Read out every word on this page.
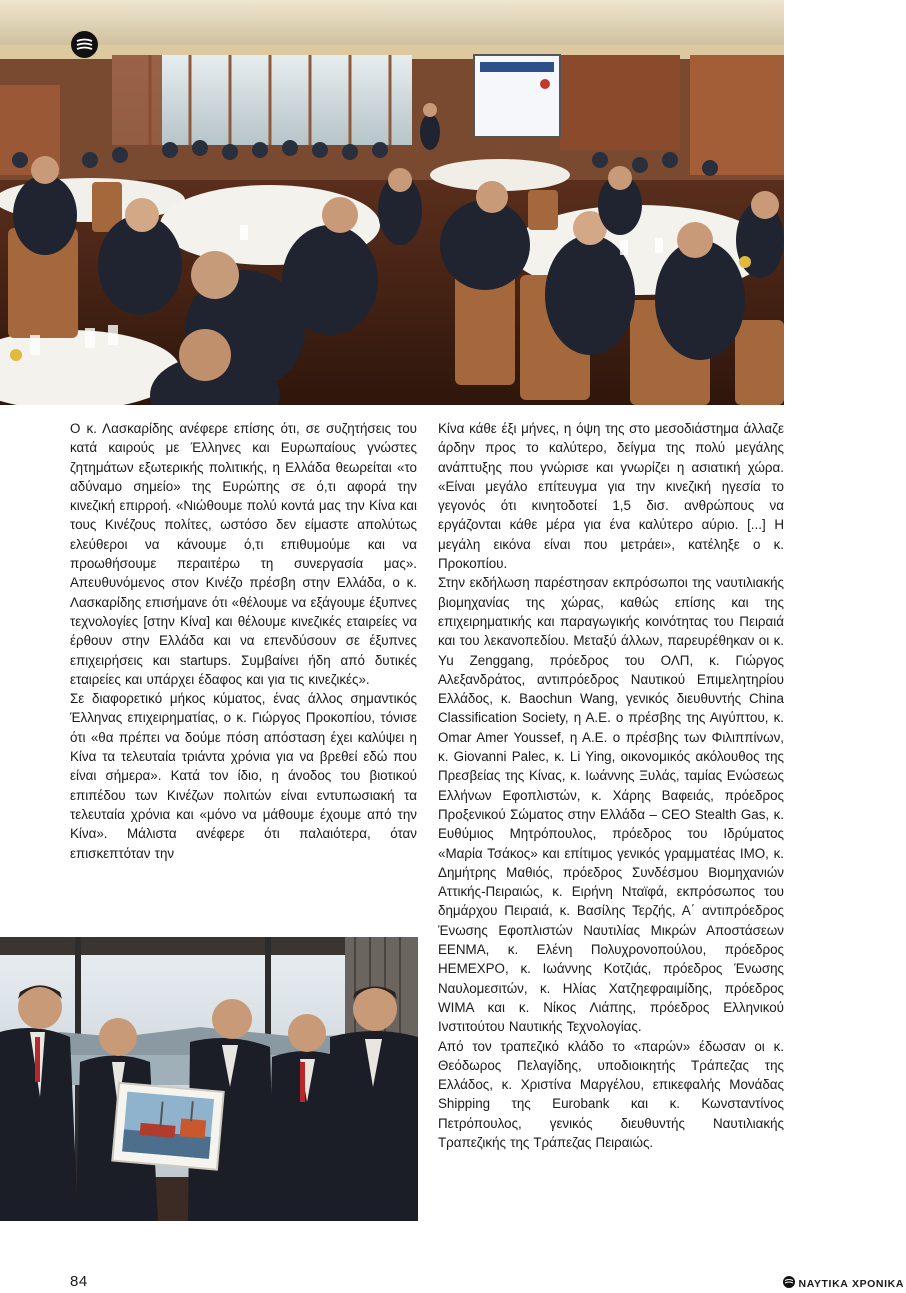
Ο κ. Λασκαρίδης ανέφερε επίσης ότι, σε συζητήσεις του κατά καιρούς με Έλληνες και Ευρωπαίους γνώστες ζητημάτων εξωτερικής πολιτικής, η Ελλάδα θεωρείται «το αδύναμο σημείο» της Ευρώπης σε ό,τι αφορά την κινεζική επιρροή. «Νιώθουμε πολύ κοντά μας την Κίνα και τους Κινέζους πολίτες, ωστόσο δεν είμαστε απολύτως ελεύθεροι να κάνουμε ό,τι επιθυμούμε και να προωθήσουμε περαιτέρω τη συνεργασία μας». Απευθυνόμενος στον Κινέζο πρέσβη στην Ελλάδα, ο κ. Λασκαρίδης επισήμανε ότι «θέλουμε να εξάγουμε έξυπνες τεχνολογίες [στην Κίνα] και θέλουμε κινεζικές εταιρείες να έρθουν στην Ελλάδα και να επενδύσουν σε έξυπνες επιχειρήσεις και startups. Συμβαίνει ήδη από δυτικές εταιρείες και υπάρχει έδαφος και για τις κινεζικές».

Σε διαφορετικό μήκος κύματος, ένας άλλος σημαντικός Έλληνας επιχειρηματίας, ο κ. Γιώργος Προκοπίου, τόνισε ότι «θα πρέπει να δούμε πόση απόσταση έχει καλύψει η Κίνα τα τελευταία τριάντα χρόνια για να βρεθεί εδώ που είναι σήμερα». Κατά τον ίδιο, η άνοδος του βιοτικού επιπέδου των Κινέζων πολιτών είναι εντυπωσιακή τα τελευταία χρόνια και «μόνο να μάθουμε έχουμε από την Κίνα». Μάλιστα ανέφερε ότι παλαιότερα, όταν επισκεπτόταν την

Κίνα κάθε έξι μήνες, η όψη της στο μεσοδιάστημα άλλαζε άρδην προς το καλύτερο, δείγμα της πολύ μεγάλης ανάπτυξης που γνώρισε και γνωρίζει η ασιατική χώρα. «Είναι μεγάλο επίτευγμα για την κινεζική ηγεσία το γεγονός ότι κινητοδοτεί 1,5 δισ. ανθρώπους να εργάζονται κάθε μέρα για ένα καλύτερο αύριο. [...] Η μεγάλη εικόνα είναι που μετράει», κατέληξε ο κ. Προκοπίου.

Στην εκδήλωση παρέστησαν εκπρόσωποι της ναυτιλιακής βιομηχανίας της χώρας, καθώς επίσης και της επιχειρηματικής και παραγωγικής κοινότητας του Πειραιά και του λεκανοπεδίου. Μεταξύ άλλων, παρευρέθηκαν οι κ. Yu Zenggang, πρόεδρος του ΟΛΠ, κ. Γιώργος Αλεξανδράτος, αντιπρόεδρος Ναυτικού Επιμελητηρίου Ελλάδος, κ. Baochun Wang, γενικός διευθυντής China Classification Society, η Α.Ε. ο πρέσβης της Αιγύπτου, κ. Omar Amer Youssef, η Α.Ε. ο πρέσβης των Φιλιππίνων, κ. Giovanni Palec, κ. Li Ying, οικονομικός ακόλουθος της Πρεσβείας της Κίνας, κ. Ιωάννης Ξυλάς, ταμίας Ενώσεως Ελλήνων Εφοπλιστών, κ. Χάρης Βαφειάς, πρόεδρος Προξενικού Σώματος στην Ελλάδα – CEO Stealth Gas, κ. Ευθύμιος Μητρόπουλος, πρόεδρος του Ιδρύματος «Μαρία Τσάκος» και επίτιμος γενικός γραμματέας IMO, κ. Δημήτρης Μαθιός, πρόεδρος Συνδέσμου Βιομηχανιών Αττικής-Πειραιώς, κ. Ειρήνη Νταϊφά, εκπρόσωπος του δημάρχου Πειραιά, κ. Βασίλης Τερζής, Α΄ αντιπρόεδρος Ένωσης Εφοπλιστών Ναυτιλίας Μικρών Αποστάσεων ΕΕΝΜΑ, κ. Ελένη Πολυχρονοπούλου, πρόεδρος HEMEXPO, κ. Ιωάννης Κοτζιάς, πρόεδρος Ένωσης Ναυλομεσιτών, κ. Ηλίας Χατζηεφραιμίδης, πρόεδρος WIMA και κ. Νίκος Λιάπης, πρόεδρος Ελληνικού Ινστιτούτου Ναυτικής Τεχνολογίας.

Από τον τραπεζικό κλάδο το «παρών» έδωσαν οι κ. Θεόδωρος Πελαγίδης, υποδιοικητής Τράπεζας της Ελλάδος, κ. Χριστίνα Μαργέλου, επικεφαλής Μονάδας Shipping της Eurobank και κ. Κωνσταντίνος Πετρόπουλος, γενικός διευθυντής Ναυτιλιακής Τραπεζικής της Τράπεζας Πειραιώς.

84	ΝΑΥΤΙΚΑ ΧΡΟΝΙΚΑ
